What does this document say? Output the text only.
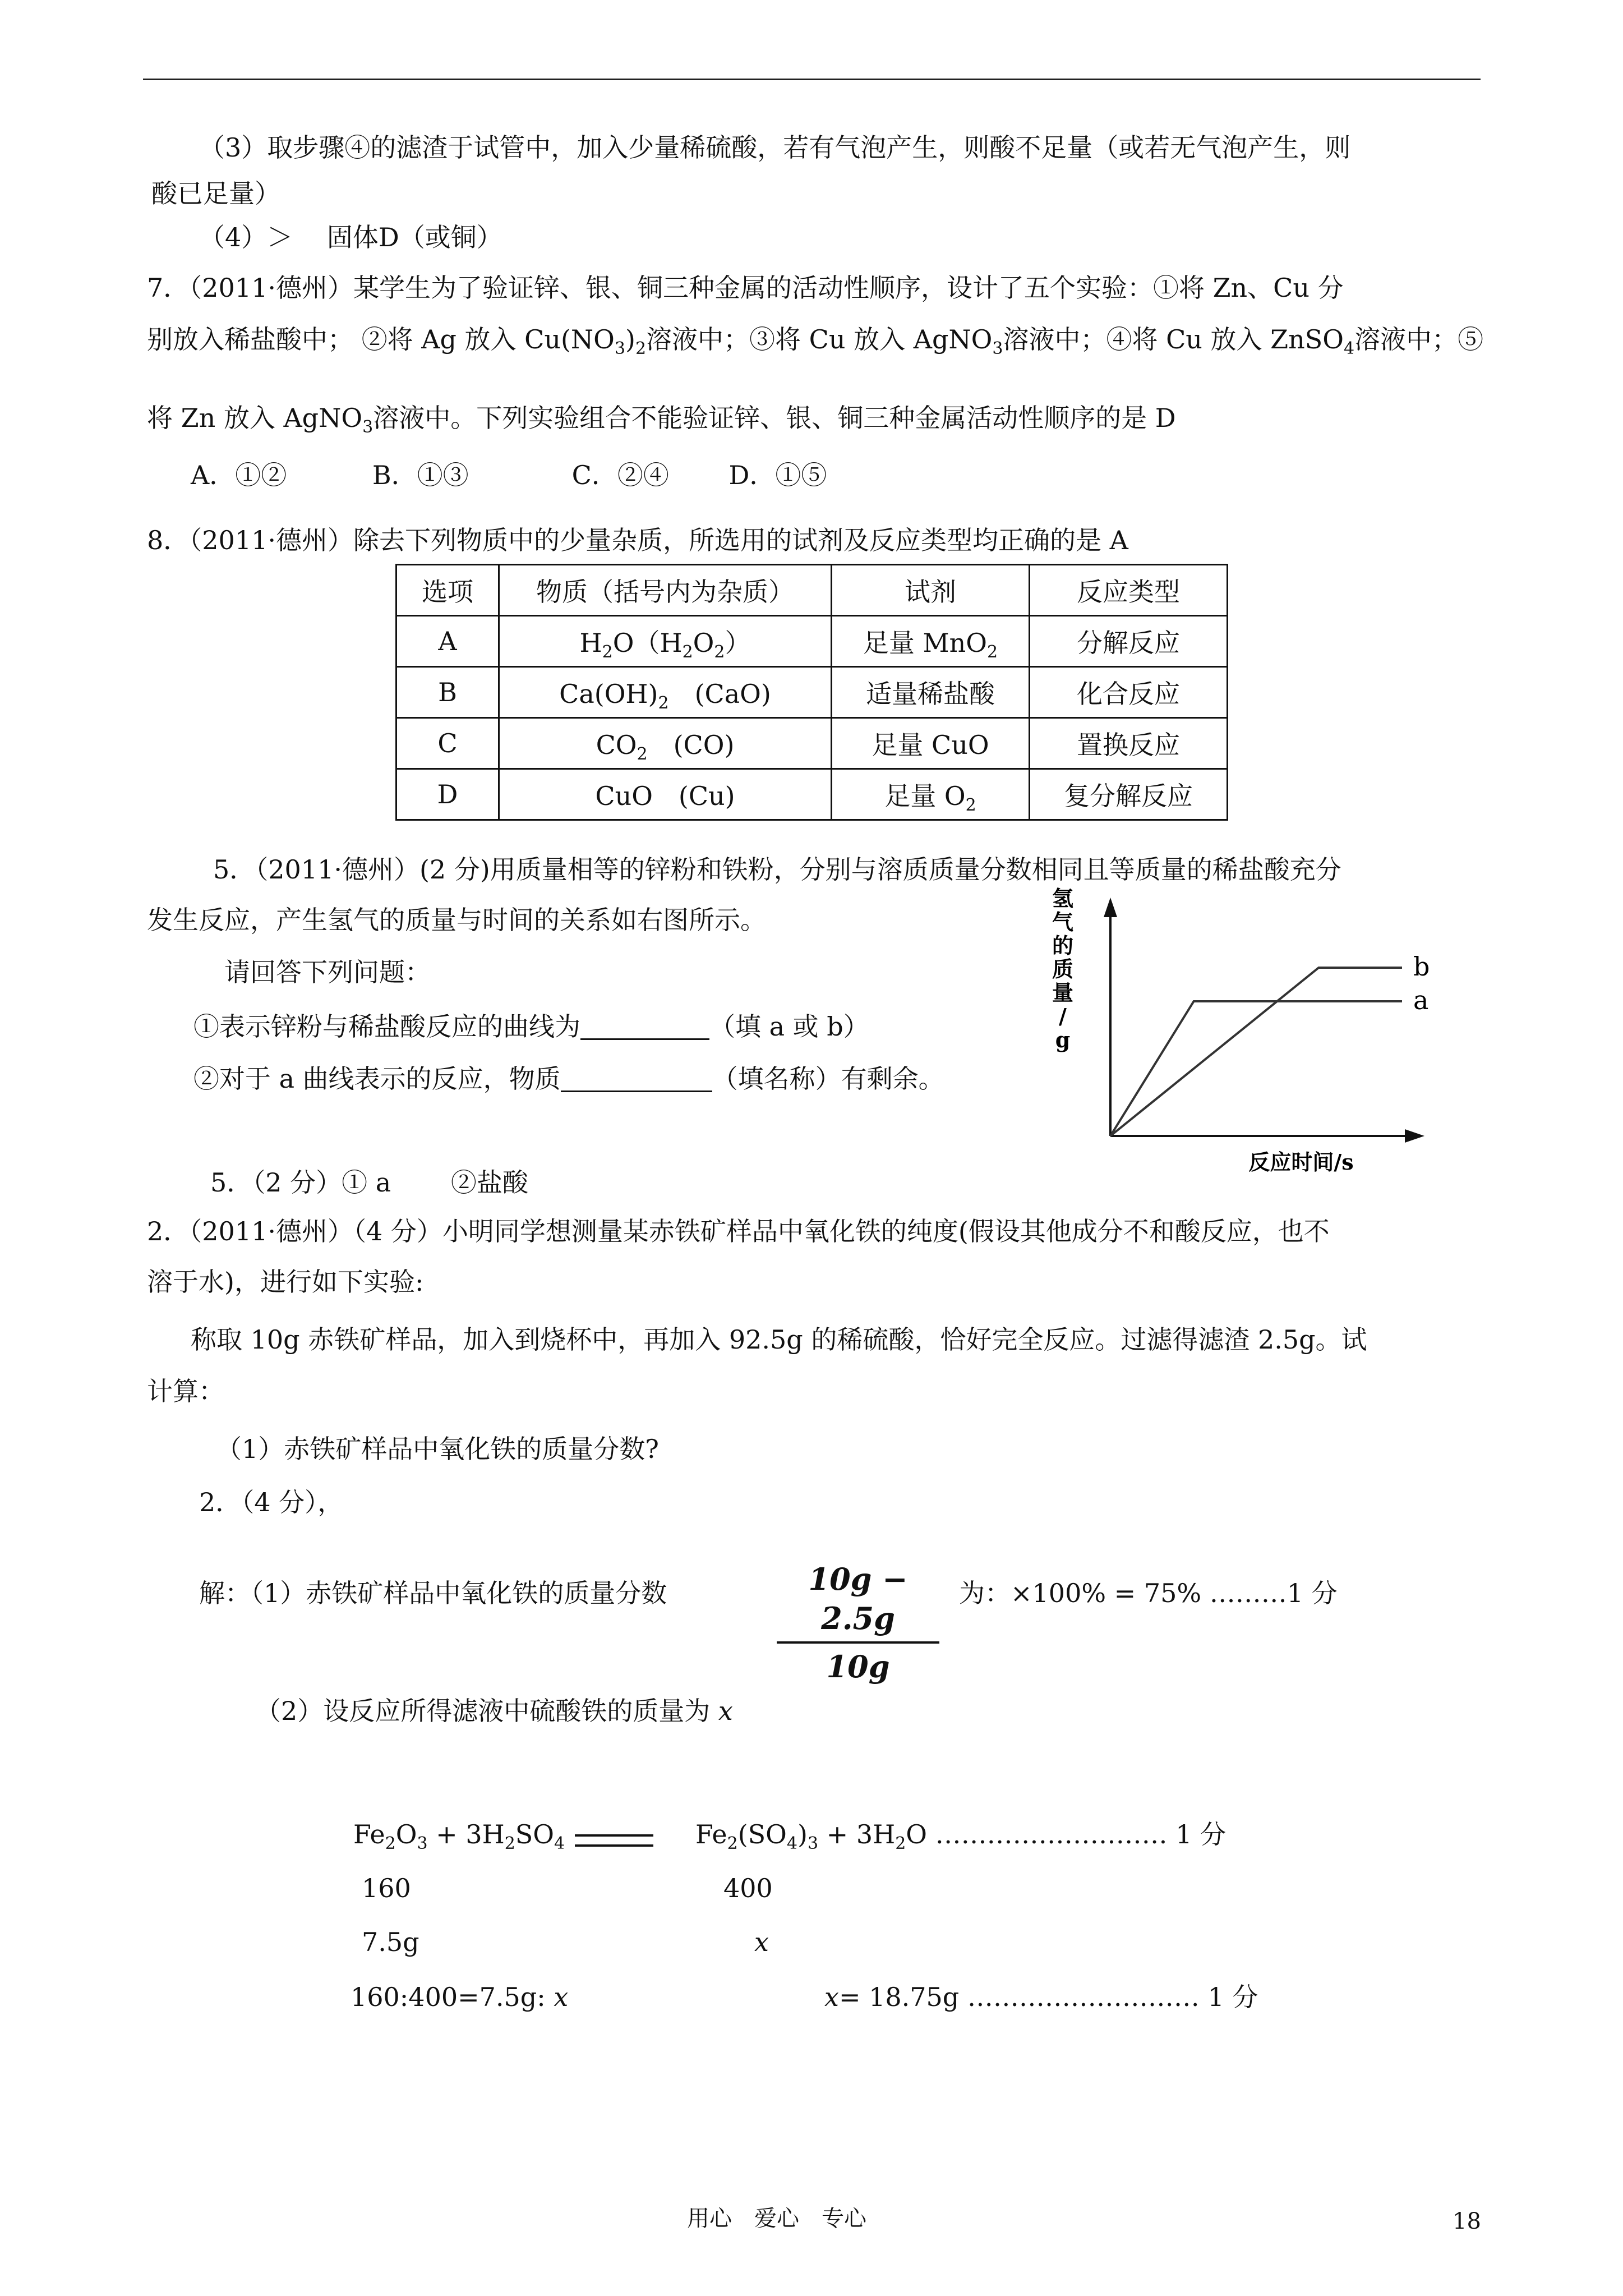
（3）取步骤④的滤渣于试管中，加入少量稀硫酸，若有气泡产生，则酸不足量（或若无气泡产生，则
酸已足量）
（4）＞　 固体D（或铜）
7．（2011·德州）某学生为了验证锌、银、铜三种金属的活动性顺序，设计了五个实验：①将 Zn、Cu 分
别放入稀盐酸中； ②将 Ag 放入 $Cu(NO_3)_2$溶液中；③将 Cu 放入 AgNO$_3$溶液中；④将 Cu 放入 ZnSO$_4$溶液中；⑤
将 Zn 放入 AgNO$_3$溶液中。下列实验组合不能验证锌、银、铜三种金属活动性顺序的是 D
A．①②　　　 B．①③　　　　C．②④　　 D．①⑤
8．（2011·德州）除去下列物质中的少量杂质，所选用的试剂及反应类型均正确的是 A
选项	物质（括号内为杂质）	试剂	反应类型
A	$H_2O(H_2O_2)$	足量 MnO$_2$	分解反应
B	$Ca(OH)_2$　(CaO)	适量稀盐酸	化合反应
C	$CO_2$　(CO)	足量 CuO	置换反应
D	CuO　(Cu)	足量 $O_2$	复分解反应
5．（2011·德州）(2 分)用质量相等的锌粉和铁粉，分别与溶质质量分数相同且等质量的稀盐酸充分
发生反应，产生氢气的质量与时间的关系如右图所示。
请回答下列问题：
①表示锌粉与稀盐酸反应的曲线为	（填 a 或 b）
②对于 a 曲线表示的反应，物质	（填名称）有剩余。
氢气的质量/ g
反应时间/s
a
b
5．（2 分）① a　　 ②盐酸
2．（2011·德州）（4 分）小明同学想测量某赤铁矿样品中氧化铁的纯度(假设其他成分不和酸反应，也不
溶于水)，进行如下实验:
称取 10g 赤铁矿样品，加入到烧杯中，再加入 92.5g 的稀硫酸，恰好完全反应。过滤得滤渣 2.5g。试
计算：
（1）赤铁矿样品中氧化铁的质量分数?
2．（4 分），
解：（1）赤铁矿样品中氧化铁的质量分数	10g − 2.5g
10g
为：×100% = 75% ………1 分
（2）设反应所得滤液中硫酸铁的质量为 x
$Fe_2O_3 + 3H_2SO_4$	$Fe_2(SO_4)_3 + 3H_2O$ ……………………… 1 分
160	400
7.5g	x
160:400=7.5g: x	x= 18.75g ……………………… 1 分
用心　爱心　专心	18
